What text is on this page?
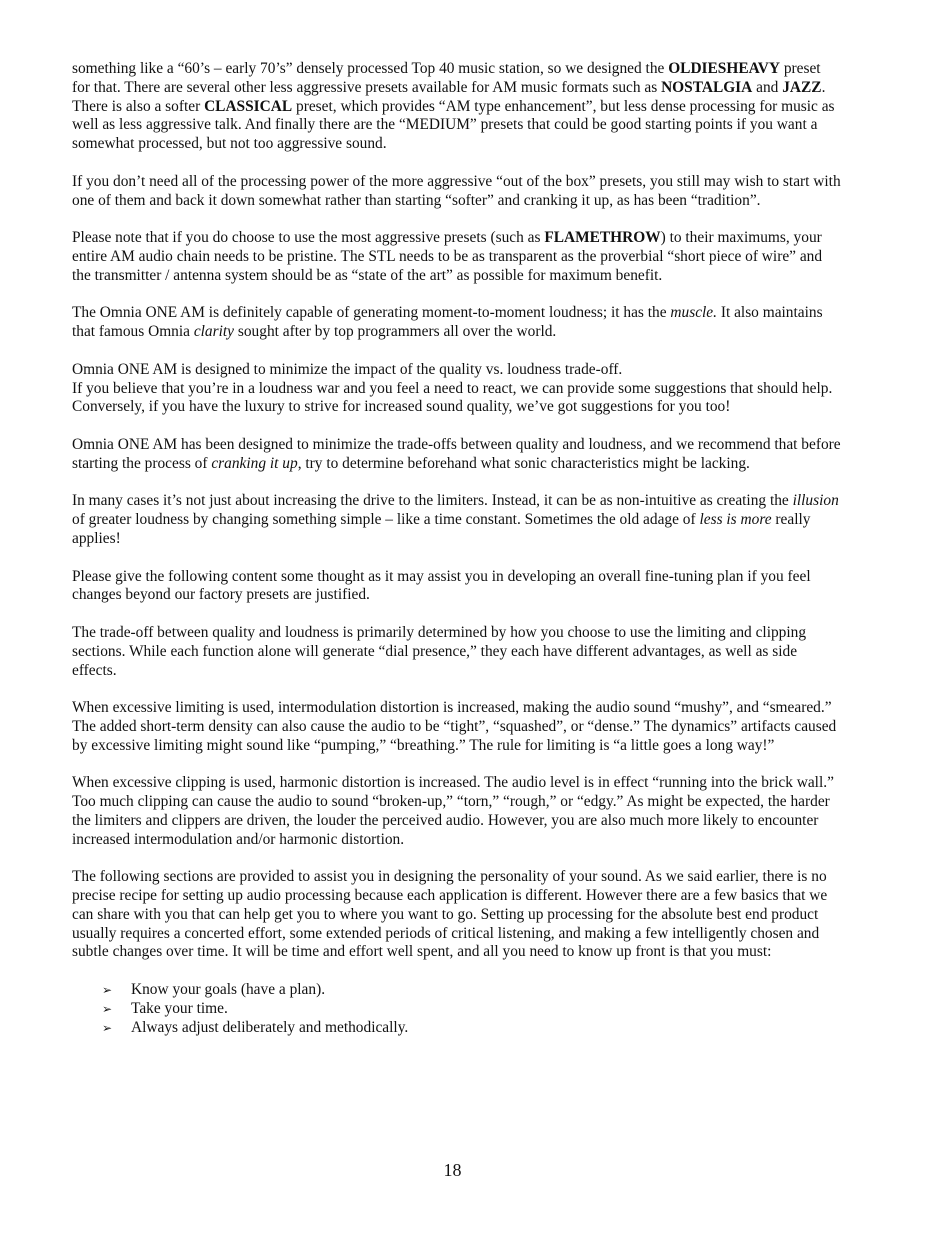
something like a “60’s – early 70’s” densely processed Top 40 music station, so we designed the OLDIESHEAVY preset for that. There are several other less aggressive presets available for AM music formats such as NOSTALGIA and JAZZ. There is also a softer CLASSICAL preset, which provides “AM type enhancement”, but less dense processing for music as well as less aggressive talk. And finally there are the “MEDIUM” presets that could be good starting points if you want a somewhat processed, but not too aggressive sound.

If you don’t need all of the processing power of the more aggressive “out of the box” presets, you still may wish to start with one of them and back it down somewhat rather than starting “softer” and cranking it up, as has been “tradition”.

Please note that if you do choose to use the most aggressive presets (such as FLAMETHROW) to their maximums, your entire AM audio chain needs to be pristine. The STL needs to be as transparent as the proverbial “short piece of wire” and the transmitter / antenna system should be as “state of the art” as possible for maximum benefit.

The Omnia ONE AM is definitely capable of generating moment-to-moment loudness; it has the muscle. It also maintains that famous Omnia clarity sought after by top programmers all over the world.

Omnia ONE AM is designed to minimize the impact of the quality vs. loudness trade-off.
If you believe that you’re in a loudness war and you feel a need to react, we can provide some suggestions that should help. Conversely, if you have the luxury to strive for increased sound quality, we’ve got suggestions for you too!

Omnia ONE AM has been designed to minimize the trade-offs between quality and loudness, and we recommend that before starting the process of cranking it up, try to determine beforehand what sonic characteristics might be lacking.

In many cases it’s not just about increasing the drive to the limiters. Instead, it can be as non-intuitive as creating the illusion of greater loudness by changing something simple – like a time constant. Sometimes the old adage of less is more really applies!

Please give the following content some thought as it may assist you in developing an overall fine-tuning plan if you feel changes beyond our factory presets are justified.

The trade-off between quality and loudness is primarily determined by how you choose to use the limiting and clipping sections. While each function alone will generate “dial presence,” they each have different advantages, as well as side effects.

When excessive limiting is used, intermodulation distortion is increased, making the audio sound “mushy”, and “smeared.” The added short-term density can also cause the audio to be “tight”, “squashed”, or “dense.” The dynamics” artifacts caused by excessive limiting might sound like “pumping,” “breathing.” The rule for limiting is “a little goes a long way!”

When excessive clipping is used, harmonic distortion is increased. The audio level is in effect “running into the brick wall.” Too much clipping can cause the audio to sound “broken-up,” “torn,” “rough,” or “edgy.” As might be expected, the harder the limiters and clippers are driven, the louder the perceived audio. However, you are also much more likely to encounter increased intermodulation and/or harmonic distortion.

The following sections are provided to assist you in designing the personality of your sound. As we said earlier, there is no precise recipe for setting up audio processing because each application is different. However there are a few basics that we can share with you that can help get you to where you want to go. Setting up processing for the absolute best end product usually requires a concerted effort, some extended periods of critical listening, and making a few intelligently chosen and subtle changes over time. It will be time and effort well spent, and all you need to know up front is that you must:

➢ Know your goals (have a plan).
➢ Take your time.
➢ Always adjust deliberately and methodically.
18
